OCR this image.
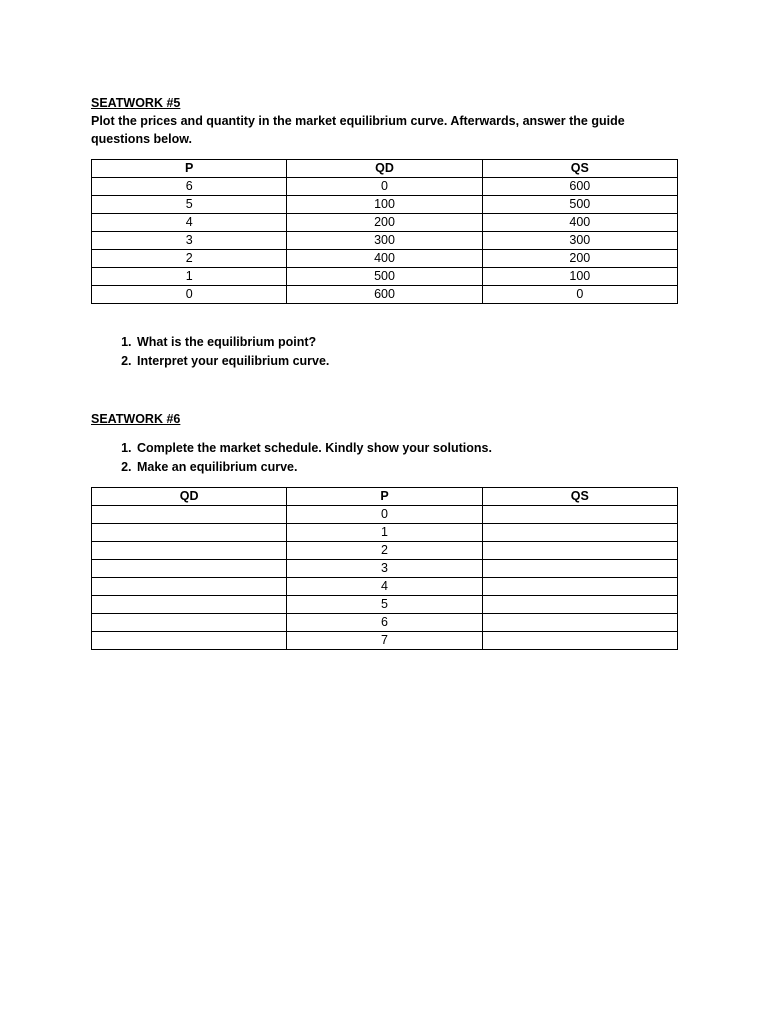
SEATWORK #5

Plot the prices and quantity in the market equilibrium curve. Afterwards, answer the guide questions below.

P	QD	QS
6	0	600
5	100	500
4	200	400
3	300	300
2	400	200
1	500	100
0	600	0
1. What is the equilibrium point?
2. Interpret your equilibrium curve.

SEATWORK #6

1. Complete the market schedule. Kindly show your solutions.
2. Make an equilibrium curve.
QD	P	QS
	0	
	1	
	2	
	3	
	4	
	5	
	6	
	7	
